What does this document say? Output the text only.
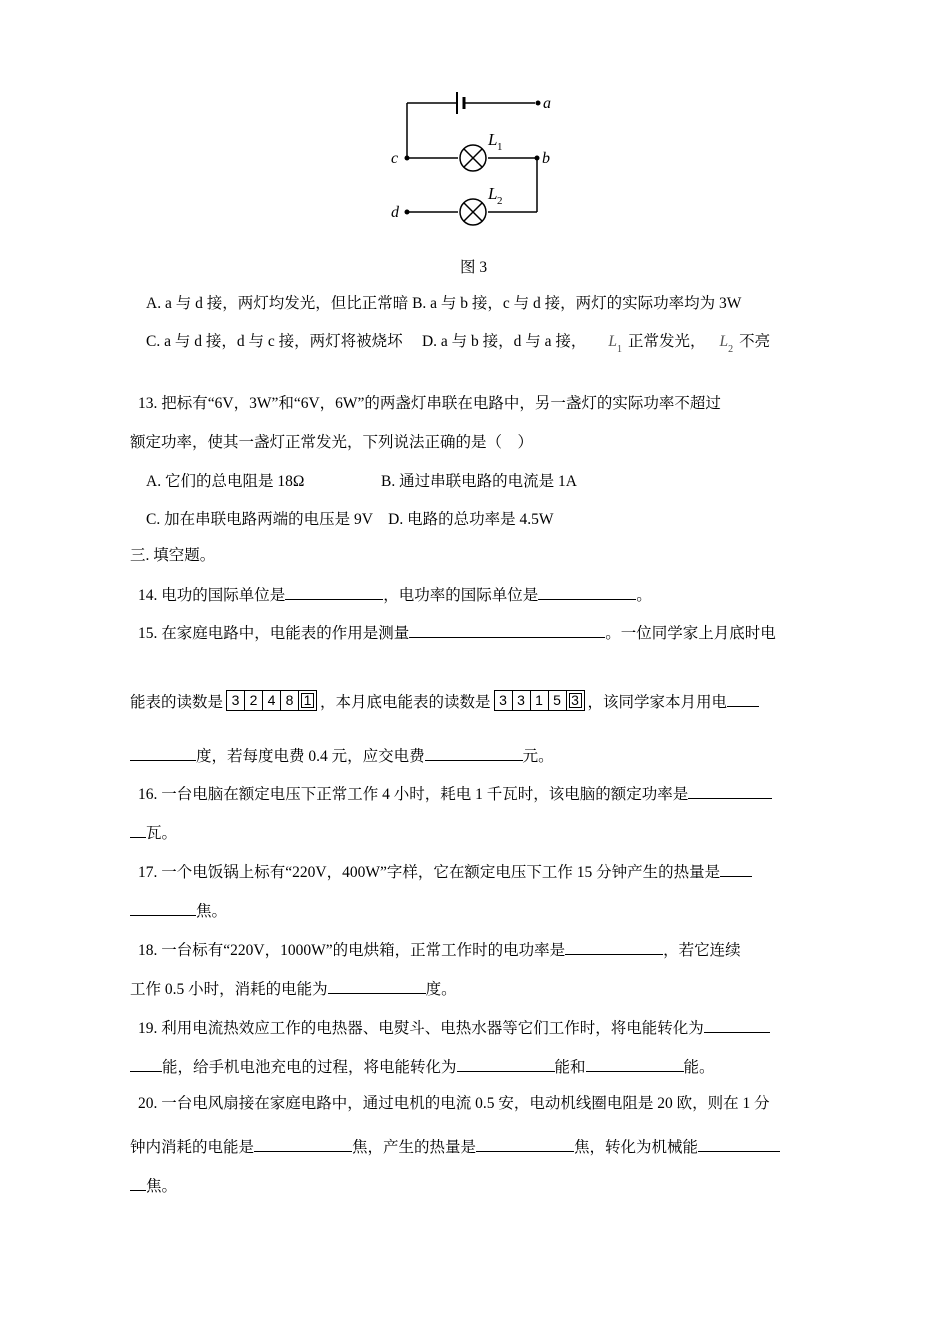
a
b
c
d
L
L
1
2
图 3
A. a 与 d 接，两灯均发光，但比正常暗 B. a 与 b 接，c 与 d 接，两灯的实际功率均为 3W
C. a 与 d 接，d 与 c 接，两灯将被烧坏　 D. a 与 b 接，d 与 a 接， $L_1$ 正常发光， $L_2$ 不亮
13. 把标有“6V，3W”和“6V，6W”的两盏灯串联在电路中，另一盏灯的实际功率不超过
额定功率，使其一盏灯正常发光，下列说法正确的是（　）
A. 它们的总电阻是 18Ω	B. 通过串联电路的电流是 1A
C. 加在串联电路两端的电压是 9V　D. 电路的总功率是 4.5W
三. 填空题。
14. 电功的国际单位是	，电功率的国际单位是	。
15. 在家庭电路中，电能表的作用是测量	。一位同学家上月底时电
能表的读数是 3 2 4 8 1 ，本月底电能表的读数是 3 3 1 5 3 ，该同学家本月用电
度，若每度电费 0.4 元，应交电费	元。
16. 一台电脑在额定电压下正常工作 4 小时，耗电 1 千瓦时，该电脑的额定功率是
瓦。
17. 一个电饭锅上标有“220V，400W”字样，它在额定电压下工作 15 分钟产生的热量是
焦。
18. 一台标有“220V，1000W”的电烘箱，正常工作时的电功率是	，若它连续
工作 0.5 小时，消耗的电能为	度。
19. 利用电流热效应工作的电热器、电熨斗、电热水器等它们工作时，将电能转化为
能，给手机电池充电的过程，将电能转化为	能和	能。
20. 一台电风扇接在家庭电路中，通过电机的电流 0.5 安，电动机线圈电阻是 20 欧，则在 1 分
钟内消耗的电能是	焦，产生的热量是	焦，转化为机械能
焦。
